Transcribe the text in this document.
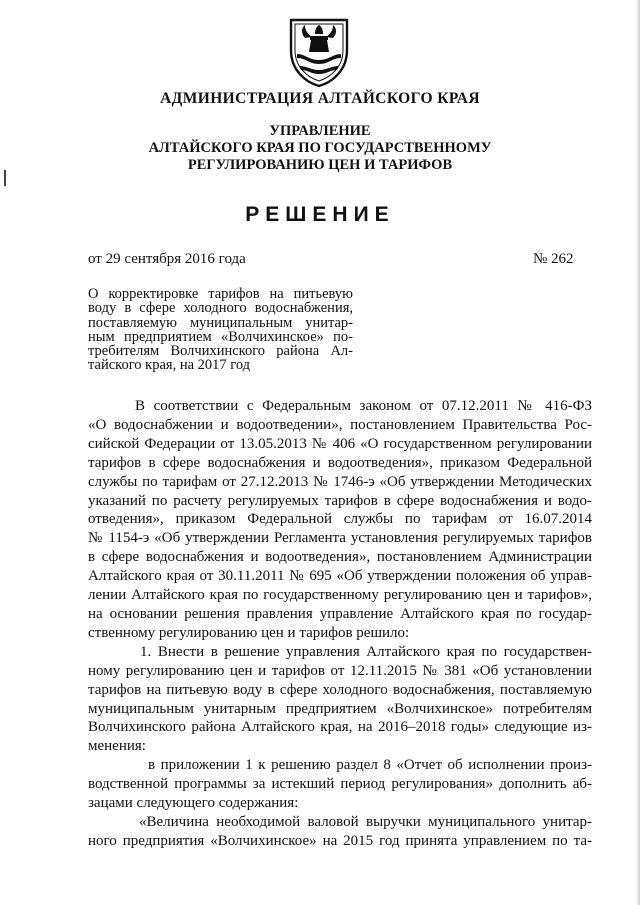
АДМИНИСТРАЦИЯ АЛТАЙСКОГО КРАЯ
УПРАВЛЕНИЕ
АЛТАЙСКОГО КРАЯ ПО ГОСУДАРСТВЕННОМУ
РЕГУЛИРОВАНИЮ ЦЕН И ТАРИФОВ
РЕШЕНИЕ
от 29 сентября 2016 года	№ 262
О корректировке тарифов на питьевую
воду в сфере холодного водоснабжения,
поставляемую муниципальным унитар-
ным предприятием «Волчихинское» по-
требителям Волчихинского района Ал-
тайского края, на 2017 год
В соответствии с Федеральным законом от 07.12.2011 № 416-ФЗ
«О водоснабжении и водоотведении», постановлением Правительства Рос-
сийской Федерации от 13.05.2013 № 406 «О государственном регулировании
тарифов в сфере водоснабжения и водоотведения», приказом Федеральной
службы по тарифам от 27.12.2013 № 1746-э «Об утверждении Методических
указаний по расчету регулируемых тарифов в сфере водоснабжения и водо-
отведения», приказом Федеральной службы по тарифам от 16.07.2014
№ 1154-э «Об утверждении Регламента установления регулируемых тарифов
в сфере водоснабжения и водоотведения», постановлением Администрации
Алтайского края от 30.11.2011 № 695 «Об утверждении положения об управ-
лении Алтайского края по государственному регулированию цен и тарифов»,
на основании решения правления управление Алтайского края по государ-
ственному регулированию цен и тарифов решило:
1. Внести в решение управления Алтайского края по государствен-
ному регулированию цен и тарифов от 12.11.2015 № 381 «Об установлении
тарифов на питьевую воду в сфере холодного водоснабжения, поставляемую
муниципальным унитарным предприятием «Волчихинское» потребителям
Волчихинского района Алтайского края, на 2016–2018 годы» следующие из-
менения:
в приложении 1 к решению раздел 8 «Отчет об исполнении произ-
водственной программы за истекший период регулирования» дополнить аб-
зацами следующего содержания:
«Величина необходимой валовой выручки муниципального унитар-
ного предприятия «Волчихинское» на 2015 год принята управлением по та-
